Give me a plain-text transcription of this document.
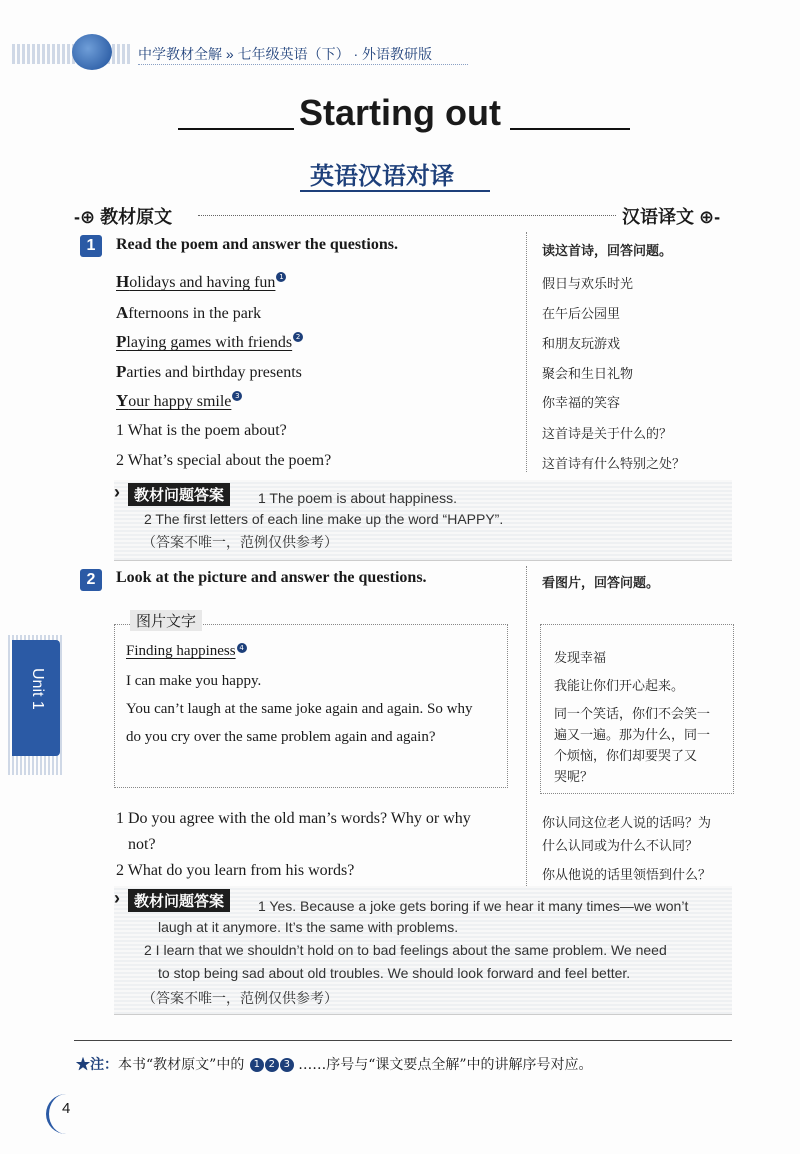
中学教材全解 » 七年级英语（下） · 外语教研版
Starting out
英语汉语对译
-⊕ 教材原文	汉语译文 ⊕-
1	Read the poem and answer the questions.	读这首诗，回答问题。
Holidays and having fun 1
Afternoons in the park
Playing games with friends 2
Parties and birthday presents
Your happy smile 3
假日与欢乐时光
在午后公园里
和朋友玩游戏
聚会和生日礼物
你幸福的笑容
1 What is the poem about?
2 What’s special about the poem?
这首诗是关于什么的？
这首诗有什么特别之处？
› 教材问题答案	1 The poem is about happiness.
2 The first letters of each line make up the word “HAPPY”.
（答案不唯一，范例仅供参考）
2	Look at the picture and answer the questions.	看图片，回答问题。
图片文字
Finding happiness 4
I can make you happy.
You can’t laugh at the same joke again and again. So why
do you cry over the same problem again and again?
发现幸福
我能让你们开心起来。
同一个笑话，你们不会笑一
遍又一遍。那为什么，同一
个烦恼，你们却要哭了又
哭呢？
1 Do you agree with the old man’s words? Why or why
not?
2 What do you learn from his words?
你认同这位老人说的话吗？为
什么认同或为什么不认同？
你从他说的话里领悟到什么？
› 教材问题答案	1 Yes. Because a joke gets boring if we hear it many times—we won’t
laugh at it anymore. It’s the same with problems.
2 I learn that we shouldn’t hold on to bad feelings about the same problem. We need
to stop being sad about old troubles. We should look forward and feel better.
（答案不唯一，范例仅供参考）
Unit 1
★注：本书“教材原文”中的 1 2 3 ……序号与“课文要点全解”中的讲解序号对应。
4
